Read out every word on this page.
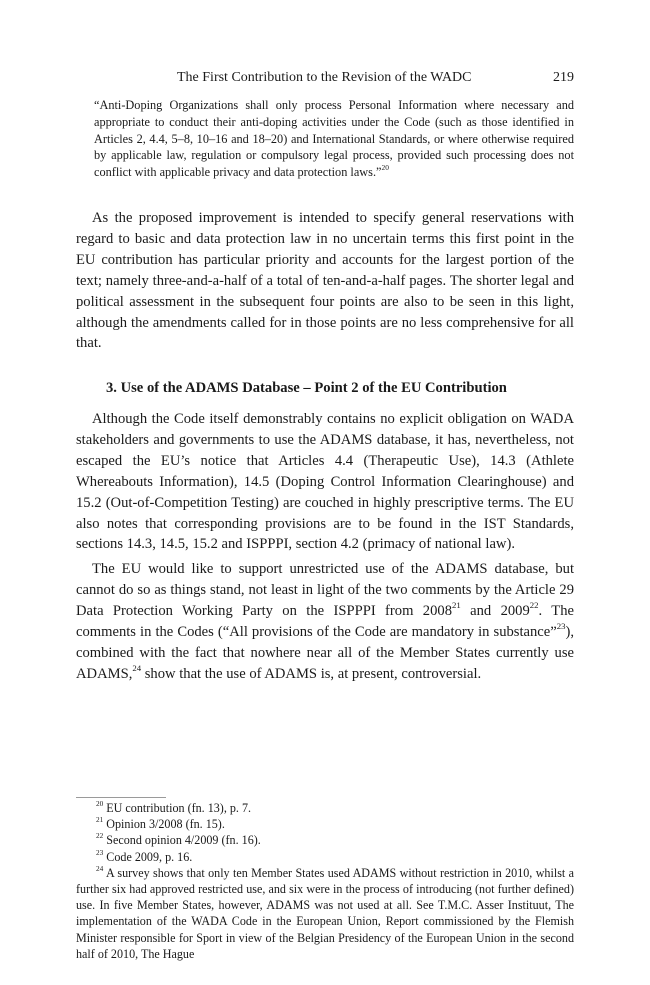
The First Contribution to the Revision of the WADC	219
“Anti-Doping Organizations shall only process Personal Information where necessary and appropriate to conduct their anti-doping activities under the Code (such as those identified in Articles 2, 4.4, 5–8, 10–16 and 18–20) and International Standards, or where otherwise required by applicable law, regulation or compulsory legal process, provided such processing does not conflict with applicable privacy and data protection laws.”$^{20}$

As the proposed improvement is intended to specify general reservations with regard to basic and data protection law in no uncertain terms this first point in the EU contribution has particular priority and accounts for the largest portion of the text; namely three-and-a-half of a total of ten-and-a-half pages. The shorter legal and political assessment in the subsequent four points are also to be seen in this light, although the amendments called for in those points are no less comprehensive for all that.

3. Use of the ADAMS Database – Point 2 of the EU Contribution

Although the Code itself demonstrably contains no explicit obligation on WADA stakeholders and governments to use the ADAMS database, it has, nevertheless, not escaped the EU’s notice that Articles 4.4 (Therapeutic Use), 14.3 (Athlete Whereabouts Information), 14.5 (Doping Control Information Clearinghouse) and 15.2 (Out-of-Competition Testing) are couched in highly prescriptive terms. The EU also notes that corresponding provisions are to be found in the IST Standards, sections 14.3, 14.5, 15.2 and ISPPPI, section 4.2 (primacy of national law).

The EU would like to support unrestricted use of the ADAMS database, but cannot do so as things stand, not least in light of the two comments by the Article 29 Data Protection Working Party on the ISPPPI from 2008$^{21}$ and 2009$^{22}$. The comments in the Codes (“All provisions of the Code are mandatory in substance”$^{23}$), combined with the fact that nowhere near all of the Member States currently use ADAMS,$^{24}$ show that the use of ADAMS is, at present, controversial.

$^{20}$ EU contribution (fn. 13), p. 7.

$^{21}$ Opinion 3/2008 (fn. 15).

$^{22}$ Second opinion 4/2009 (fn. 16).

$^{23}$ Code 2009, p. 16.

$^{24}$ A survey shows that only ten Member States used ADAMS without restriction in 2010, whilst a further six had approved restricted use, and six were in the process of introducing (not further defined) use. In five Member States, however, ADAMS was not used at all. See T.M.C. Asser Instituut, The implementation of the WADA Code in the European Union, Report commissioned by the Flemish Minister responsible for Sport in view of the Belgian Presidency of the European Union in the second half of 2010, The Hague
